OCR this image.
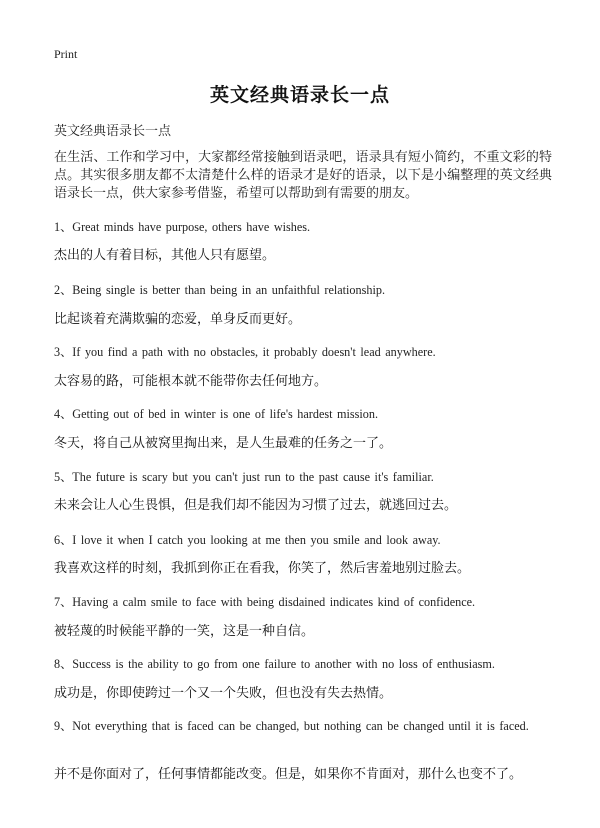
Print
英文经典语录长一点
英文经典语录长一点
在生活、工作和学习中，大家都经常接触到语录吧，语录具有短小简约，不重文彩的特点。其实很多朋友都不太清楚什么样的语录才是好的语录，以下是小编整理的英文经典语录长一点，供大家参考借鉴，希望可以帮助到有需要的朋友。
1、Great minds have purpose, others have wishes.
杰出的人有着目标，其他人只有愿望。
2、Being single is better than being in an unfaithful relationship.
比起谈着充满欺骗的恋爱，单身反而更好。
3、If you find a path with no obstacles, it probably doesn't lead anywhere.
太容易的路，可能根本就不能带你去任何地方。
4、Getting out of bed in winter is one of life's hardest mission.
冬天，将自己从被窝里掏出来，是人生最难的任务之一了。
5、The future is scary but you can't just run to the past cause it's familiar.
未来会让人心生畏惧，但是我们却不能因为习惯了过去，就逃回过去。
6、I love it when I catch you looking at me then you smile and look away.
我喜欢这样的时刻，我抓到你正在看我，你笑了，然后害羞地别过脸去。
7、Having a calm smile to face with being disdained indicates kind of confidence.
被轻蔑的时候能平静的一笑，这是一种自信。
8、Success is the ability to go from one failure to another with no loss of enthusiasm.
成功是，你即使跨过一个又一个失败，但也没有失去热情。
9、Not everything that is faced can be changed, but nothing can be changed until it is faced.
并不是你面对了，任何事情都能改变。但是，如果你不肯面对，那什么也变不了。
